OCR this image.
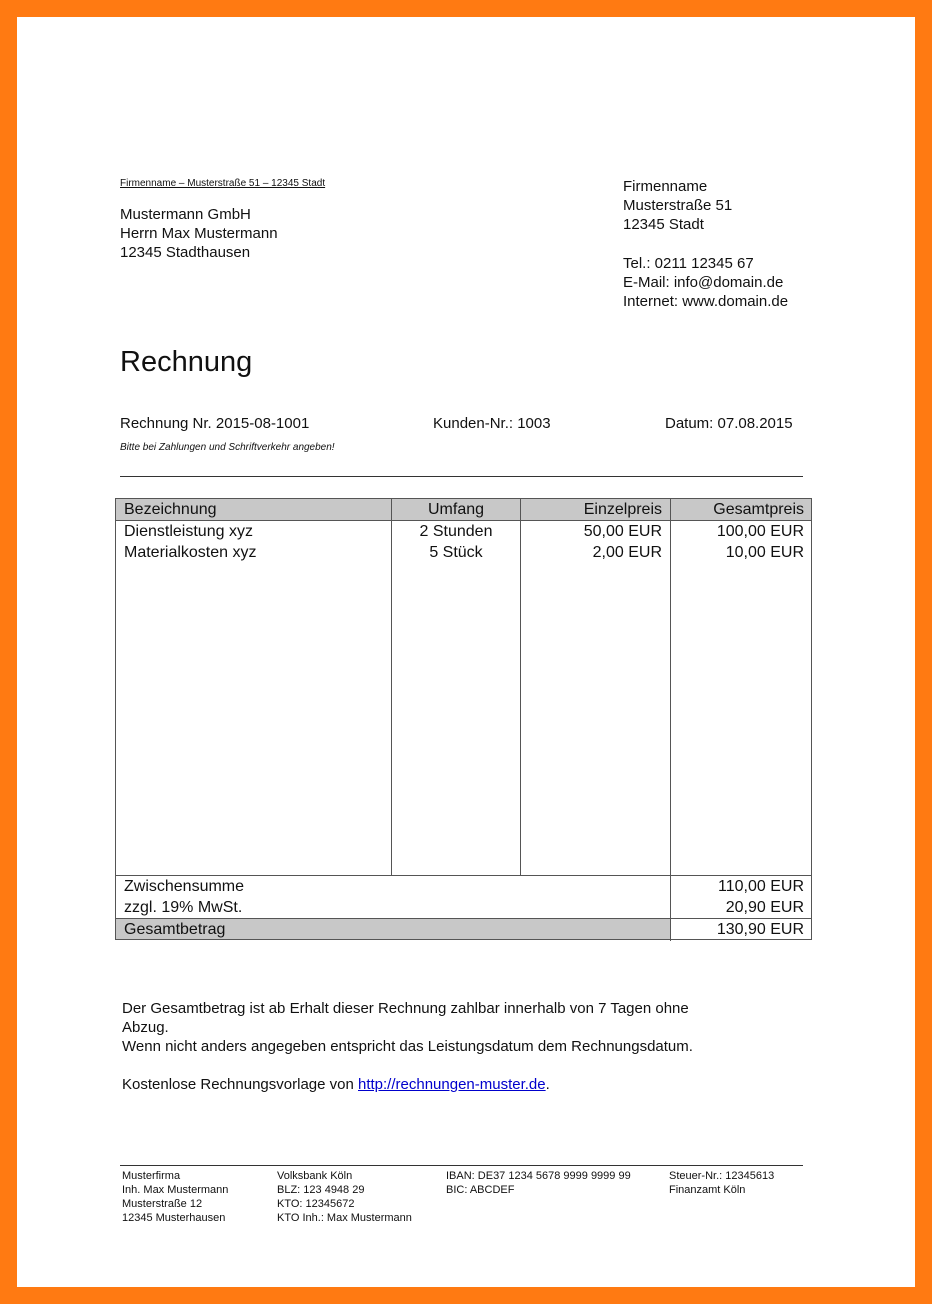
Firmenname – Musterstraße 51 – 12345 Stadt
Mustermann GmbH
Herrn Max Mustermann
12345 Stadthausen
Firmenname
Musterstraße 51
12345 Stadt
Tel.: 0211 12345 67
E-Mail: info@domain.de
Internet: www.domain.de
Rechnung
Rechnung Nr. 2015-08-1001	Kunden-Nr.: 1003	Datum: 07.08.2015
Bitte bei Zahlungen und Schriftverkehr angeben!
Bezeichnung	Umfang	Einzelpreis	Gesamtpreis
Dienstleistung xyz	2 Stunden	50,00 EUR	100,00 EUR
Materialkosten xyz	5 Stück	2,00 EUR	10,00 EUR
Zwischensumme	110,00 EUR
zzgl. 19% MwSt.	20,90 EUR
Gesamtbetrag	130,90 EUR
Der Gesamtbetrag ist ab Erhalt dieser Rechnung zahlbar innerhalb von 7 Tagen ohne
Abzug.
Wenn nicht anders angegeben entspricht das Leistungsdatum dem Rechnungsdatum.
Kostenlose Rechnungsvorlage von http://rechnungen-muster.de.
Musterfirma
Inh. Max Mustermann
Musterstraße 12
12345 Musterhausen
Volksbank Köln
BLZ: 123 4948 29
KTO: 12345672
KTO Inh.: Max Mustermann
IBAN: DE37 1234 5678 9999 9999 99
BIC: ABCDEF
Steuer-Nr.: 12345613
Finanzamt Köln
